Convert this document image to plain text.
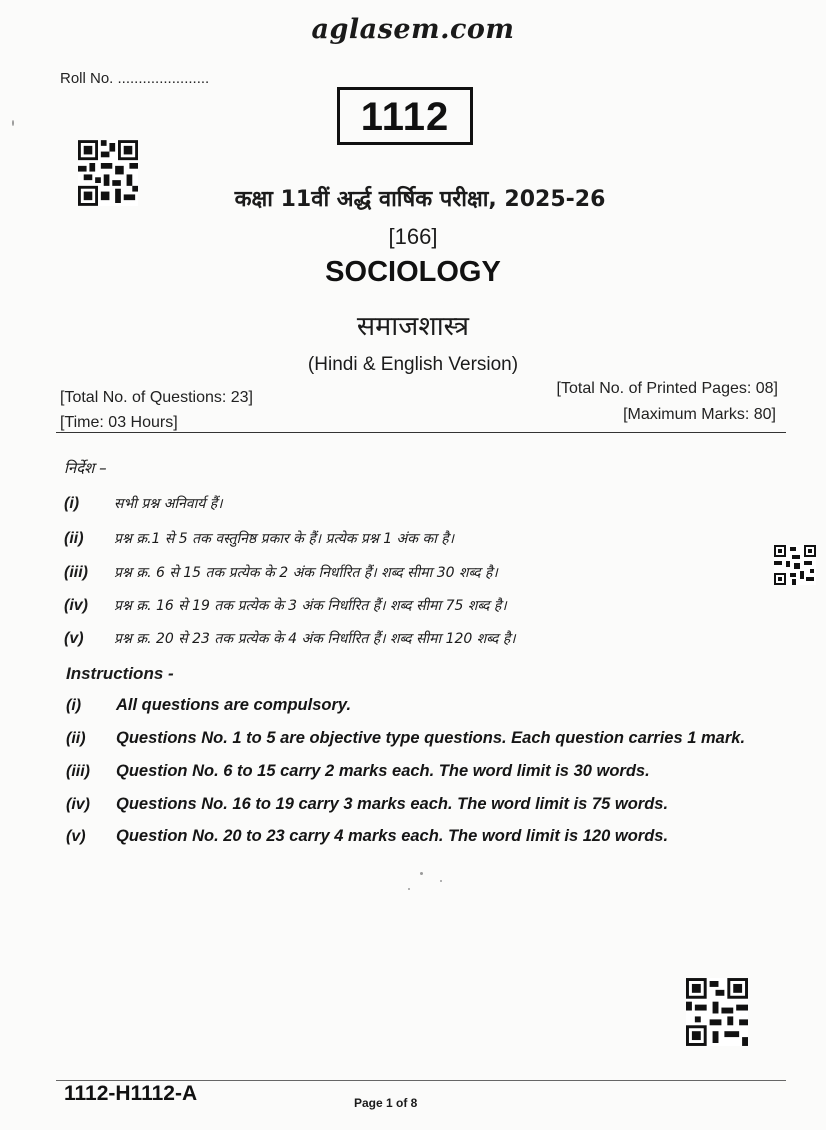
aglasem.com
Roll No. ......................
1112
कक्षा 11वीं अर्द्ध वार्षिक परीक्षा, 2025-26
[166]
SOCIOLOGY
समाजशास्त्र
(Hindi & English Version)
[Total No. of Questions: 23]
[Time: 03 Hours]
[Total No. of Printed Pages: 08]
[Maximum Marks: 80]
निर्देश –
(i) सभी प्रश्न अनिवार्य हैं।
(ii) प्रश्न क्र.1 से 5 तक वस्तुनिष्ठ प्रकार के हैं। प्रत्येक प्रश्न 1 अंक का है।
(iii) प्रश्न क्र. 6 से 15 तक प्रत्येक के 2 अंक निर्धारित हैं। शब्द सीमा 30 शब्द है।
(iv) प्रश्न क्र. 16 से 19 तक प्रत्येक के 3 अंक निर्धारित हैं। शब्द सीमा 75 शब्द है।
(v) प्रश्न क्र. 20 से 23 तक प्रत्येक के 4 अंक निर्धारित हैं। शब्द सीमा 120 शब्द है।
Instructions -
(i) All questions are compulsory.
(ii) Questions No. 1 to 5 are objective type questions. Each question carries 1 mark.
(iii) Question No. 6 to 15 carry 2 marks each. The word limit is 30 words.
(iv) Questions No. 16 to 19 carry 3 marks each. The word limit is 75 words.
(v) Question No. 20 to 23 carry 4 marks each. The word limit is 120 words.
1112-H1112-A	Page 1 of 8
